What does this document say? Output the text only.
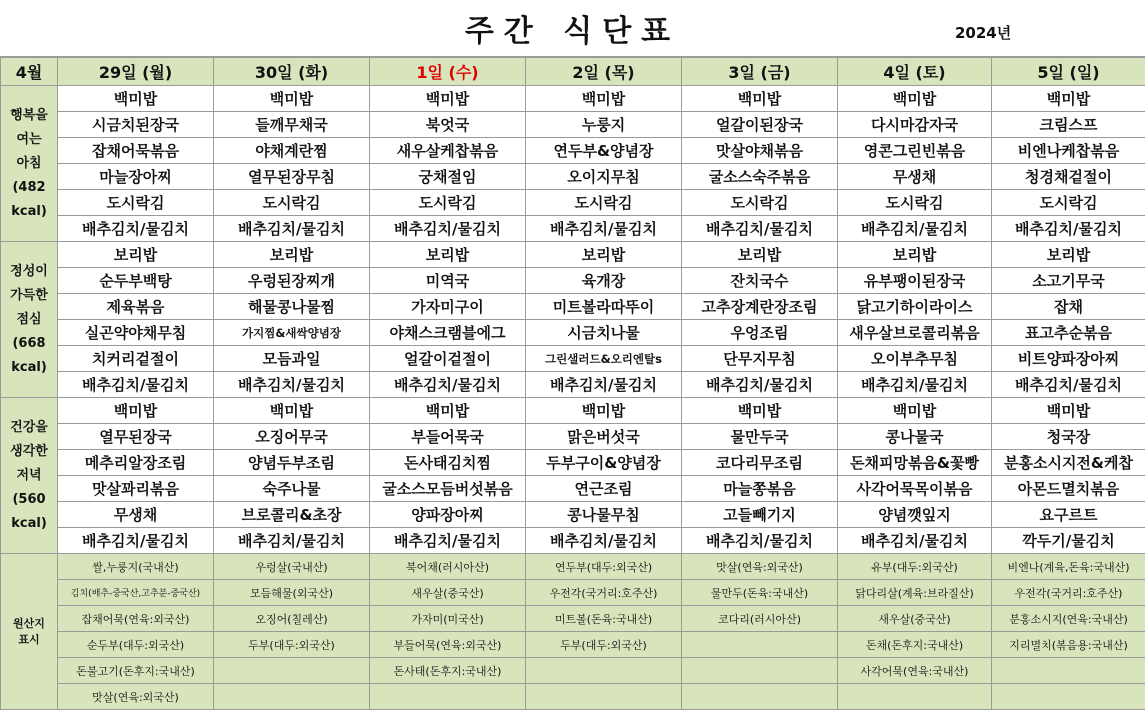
주간 식단표	2024년
4월	29일 (월)	30일 (화)	1일 (수)	2일 (목)	3일 (금)	4일 (토)	5일 (일)

행복을
여는
아침
(482
kcal)	백미밥	백미밥	백미밥	백미밥	백미밥	백미밥	백미밥
	시금치된장국	들깨무채국	북엇국	누룽지	얼갈이된장국	다시마감자국	크림스프
	잡채어묵볶음	야채계란찜	새우살케찹볶음	연두부&양념장	맛살야채볶음	영콘그린빈볶음	비엔나케찹볶음
	마늘장아찌	열무된장무침	궁채절임	오이지무침	굴소스숙주볶음	무생채	청경채겉절이
	도시락김	도시락김	도시락김	도시락김	도시락김	도시락김	도시락김
	배추김치/물김치	배추김치/물김치	배추김치/물김치	배추김치/물김치	배추김치/물김치	배추김치/물김치	배추김치/물김치

정성이
가득한
점심
(668
kcal)	보리밥	보리밥	보리밥	보리밥	보리밥	보리밥	보리밥
	순두부백탕	우렁된장찌개	미역국	육개장	잔치국수	유부팽이된장국	소고기무국
	제육볶음	해물콩나물찜	가자미구이	미트볼라따뚜이	고추장계란장조림	닭고기하이라이스	잡채
	실곤약야채무침	가지찜&새싹양념장	야채스크램블에그	시금치나물	우엉조림	새우살브로콜리볶음	표고추순볶음
	치커리겉절이	모듬과일	얼갈이겉절이	그린샐러드&오리엔탈s	단무지무침	오이부추무침	비트양파장아찌
	배추김치/물김치	배추김치/물김치	배추김치/물김치	배추김치/물김치	배추김치/물김치	배추김치/물김치	배추김치/물김치

건강을
생각한
저녁
(560
kcal)	백미밥	백미밥	백미밥	백미밥	백미밥	백미밥	백미밥
	열무된장국	오징어무국	부들어묵국	맑은버섯국	물만두국	콩나물국	청국장
	메추리알장조림	양념두부조림	돈사태김치찜	두부구이&양념장	코다리무조림	돈채피망볶음&꽃빵	분홍소시지전&케찹
	맛살꽈리볶음	숙주나물	굴소스모듬버섯볶음	연근조림	마늘쫑볶음	사각어묵목이볶음	아몬드멸치볶음
	무생채	브로콜리&초장	양파장아찌	콩나물무침	고들빼기지	양념깻잎지	요구르트
	배추김치/물김치	배추김치/물김치	배추김치/물김치	배추김치/물김치	배추김치/물김치	배추김치/물김치	깍두기/물김치

원산지
표시	쌀,누룽지(국내산)	우렁살(국내산)	북어채(러시아산)	연두부(대두:외국산)	맛살(연육:외국산)	유부(대두:외국산)	비엔나(계육,돈육:국내산)
	김치(배추-중국산,고추분-중국산)	모듬해물(외국산)	새우살(중국산)	우전각(국거리:호주산)	물만두(돈육:국내산)	닭다리살(계육:브라질산)	우전각(국거리:호주산)
	잡채어묵(연육:외국산)	오징어(칠레산)	가자미(미국산)	미트볼(돈육:국내산)	코다리(러시아산)	새우살(중국산)	분홍소시지(연육:국내산)
	순두부(대두:외국산)	두부(대두:외국산)	부들어묵(연육:외국산)	두부(대두:외국산)		돈채(돈후지:국내산)	지리멸치(볶음용:국내산)
	돈불고기(돈후지:국내산)		돈사태(돈후지:국내산)			사각어묵(연육:국내산)	
	맛살(연육:외국산)						
